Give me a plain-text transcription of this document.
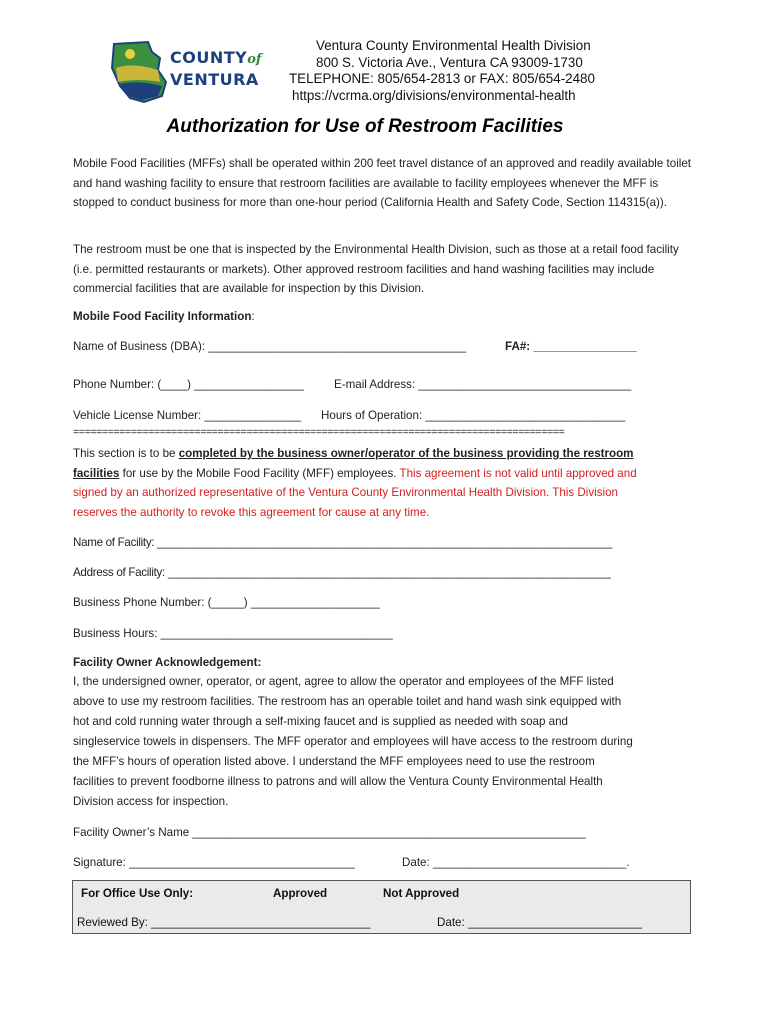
COUNTYof
VENTURA
Ventura County Environmental Health Division
800 S. Victoria Ave., Ventura CA 93009-1730
TELEPHONE: 805/654-2813 or FAX: 805/654-2480
https://vcrma.org/divisions/environmental-health
Authorization for Use of Restroom Facilities

Mobile Food Facilities (MFFs) shall be operated within 200 feet travel distance of an approved and readily available toilet and hand washing facility to ensure that restroom facilities are available to facility employees whenever the MFF is stopped to conduct business for more than one-hour period (California Health and Safety Code, Section 114315(a)).

The restroom must be one that is inspected by the Environmental Health Division, such as those at a retail food facility (i.e. permitted restaurants or markets). Other approved restroom facilities and hand washing facilities may include commercial facilities that are available for inspection by this Division.

Mobile Food Facility Information:
Name of Business (DBA): ________________________________________	FA#: ________________
Phone Number: (____) _________________	E-mail Address: _________________________________
Vehicle License Number: _______________ Hours of Operation: _______________________________
=====================================================================================
This section is to be completed by the business owner/operator of the business providing the restroom
facilities for use by the Mobile Food Facility (MFF) employees. This agreement is not valid until approved and
signed by an authorized representative of the Ventura County Environmental Health Division. This Division
reserves the authority to revoke this agreement for cause at any time.
Name of Facility: __________________________________________________________________________
Address of Facility: ________________________________________________________________________
Business Phone Number: (_____) ____________________
Business Hours: ____________________________________
Facility Owner Acknowledgement:
I, the undersigned owner, operator, or agent, agree to allow the operator and employees of the MFF listed
above to use my restroom facilities. The restroom has an operable toilet and hand wash sink equipped with
hot and cold running water through a self-mixing faucet and is supplied as needed with soap and
singleservice towels in dispensers. The MFF operator and employees will have access to the restroom during
the MFF’s hours of operation listed above. I understand the MFF employees need to use the restroom
facilities to prevent foodborne illness to patrons and will allow the Ventura County Environmental Health
Division access for inspection.
Facility Owner’s Name _____________________________________________________________
Signature: ___________________________________	Date: ______________________________.
For Office Use Only:	Approved	Not Approved
Reviewed By: __________________________________	Date: ___________________________
